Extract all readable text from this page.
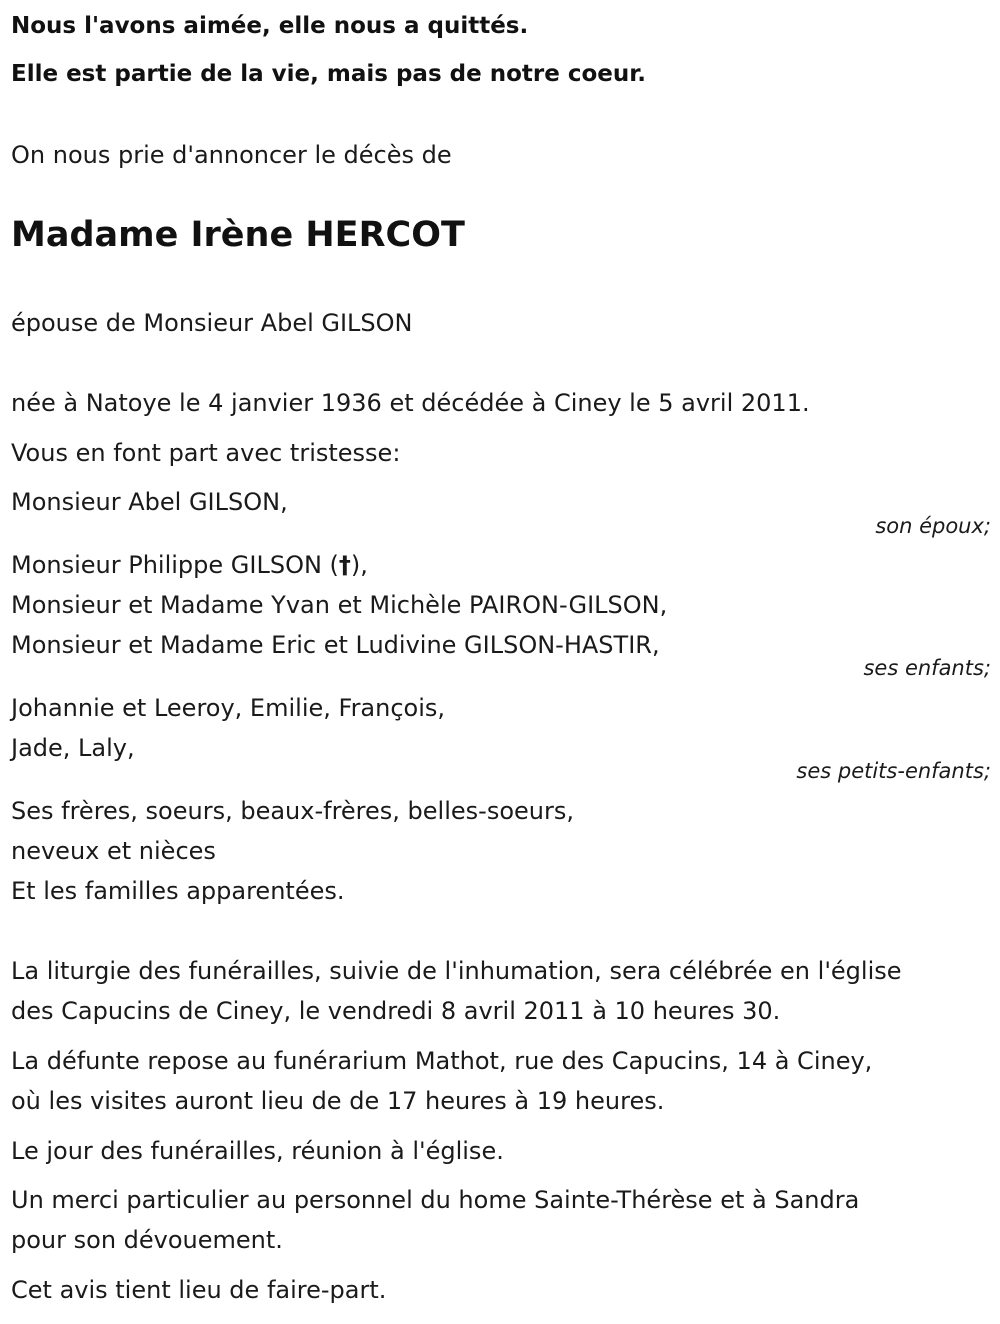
Nous l'avons aimée, elle nous a quittés.
Elle est partie de la vie, mais pas de notre coeur.
On nous prie d'annoncer le décès de
Madame Irène HERCOT
épouse de Monsieur Abel GILSON
née à Natoye le 4 janvier 1936 et décédée à Ciney le 5 avril 2011.
Vous en font part avec tristesse:
Monsieur Abel GILSON,
son époux;
Monsieur Philippe GILSON (†),
Monsieur et Madame Yvan et Michèle PAIRON-GILSON,
Monsieur et Madame Eric et Ludivine GILSON-HASTIR,
ses enfants;
Johannie et Leeroy, Emilie, François,
Jade, Laly,
ses petits-enfants;
Ses frères, soeurs, beaux-frères, belles-soeurs,
neveux et nièces
Et les familles apparentées.
La liturgie des funérailles, suivie de l'inhumation, sera célébrée en l'église
des Capucins de Ciney, le vendredi 8 avril 2011 à 10 heures 30.
La défunte repose au funérarium Mathot, rue des Capucins, 14 à Ciney,
où les visites auront lieu de de 17 heures à 19 heures.
Le jour des funérailles, réunion à l'église.
Un merci particulier au personnel du home Sainte-Thérèse et à Sandra
pour son dévouement.
Cet avis tient lieu de faire-part.
